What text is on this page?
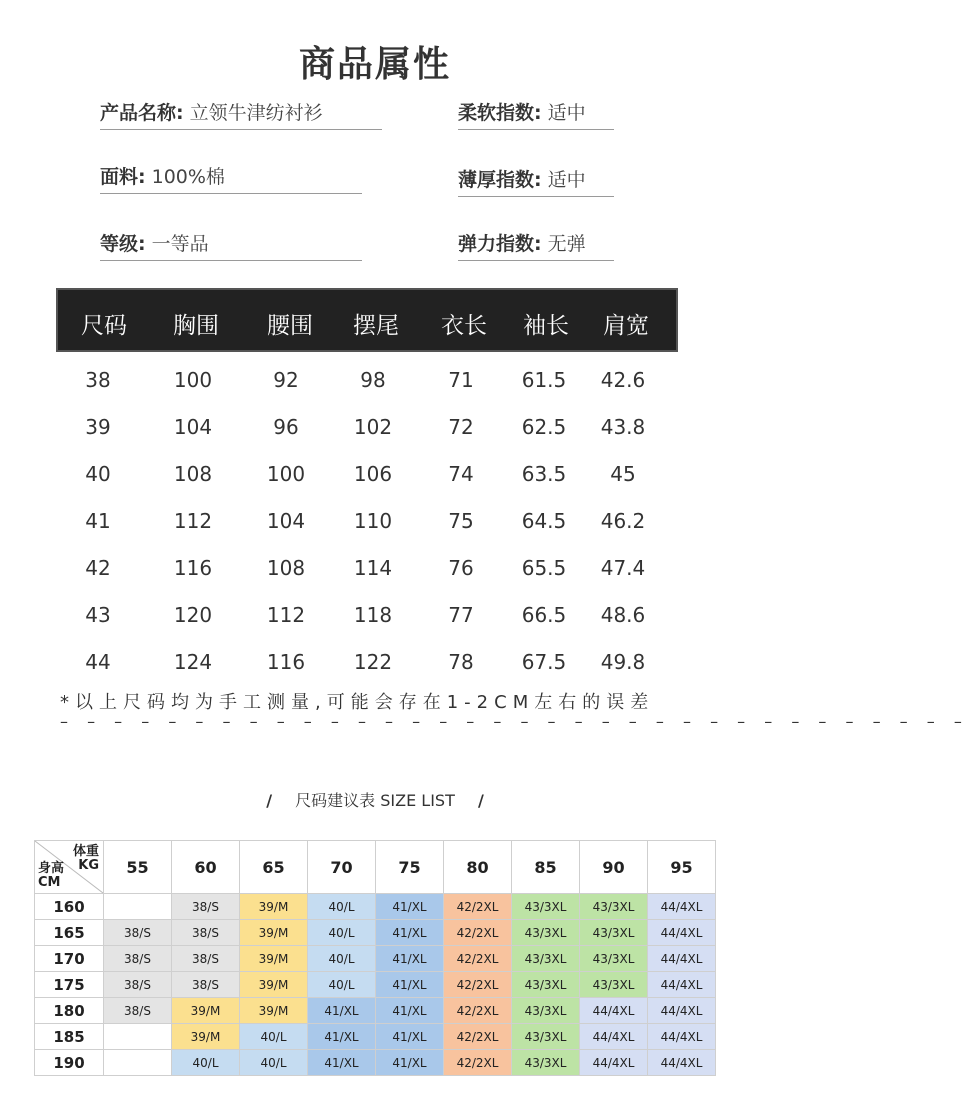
商品属性
产品名称: 立领牛津纺衬衫
面料: 100%棉
等级: 一等品
柔软指数: 适中
薄厚指数: 适中
弹力指数: 无弹
尺码 胸围 腰围 摆尾 衣长 袖长 肩宽
38	100	92	98	71 61.5 42.6
39	104	96	102	72 62.5 43.8
40	108	100 106	74 63.5 45
41	112	104 110	75 64.5 46.2
42	116	108 114	76 65.5 47.4
43	120	112 118	77 66.5 48.6
44	124	116 122	78 67.5 49.8
*以上尺码均为手工测量,可能会存在1-2CM左右的误差
– – – – – – – – – – – – – – – – – – – – – – – – – – – – – – – – – –
/ 尺码建议表 SIZE LIST /
体重
KG
身高
CM	55	60	65	70	75	80	85	90	95
160		38/S	39/M	40/L	41/XL	42/2XL	43/3XL	43/3XL	44/4XL
165	38/S	38/S	39/M	40/L	41/XL	42/2XL	43/3XL	43/3XL	44/4XL
170	38/S	38/S	39/M	40/L	41/XL	42/2XL	43/3XL	43/3XL	44/4XL
175	38/S	38/S	39/M	40/L	41/XL	42/2XL	43/3XL	43/3XL	44/4XL
180	38/S	39/M	39/M	41/XL	41/XL	42/2XL	43/3XL	44/4XL	44/4XL
185		39/M	40/L	41/XL	41/XL	42/2XL	43/3XL	44/4XL	44/4XL
190		40/L	40/L	41/XL	41/XL	42/2XL	43/3XL	44/4XL	44/4XL
